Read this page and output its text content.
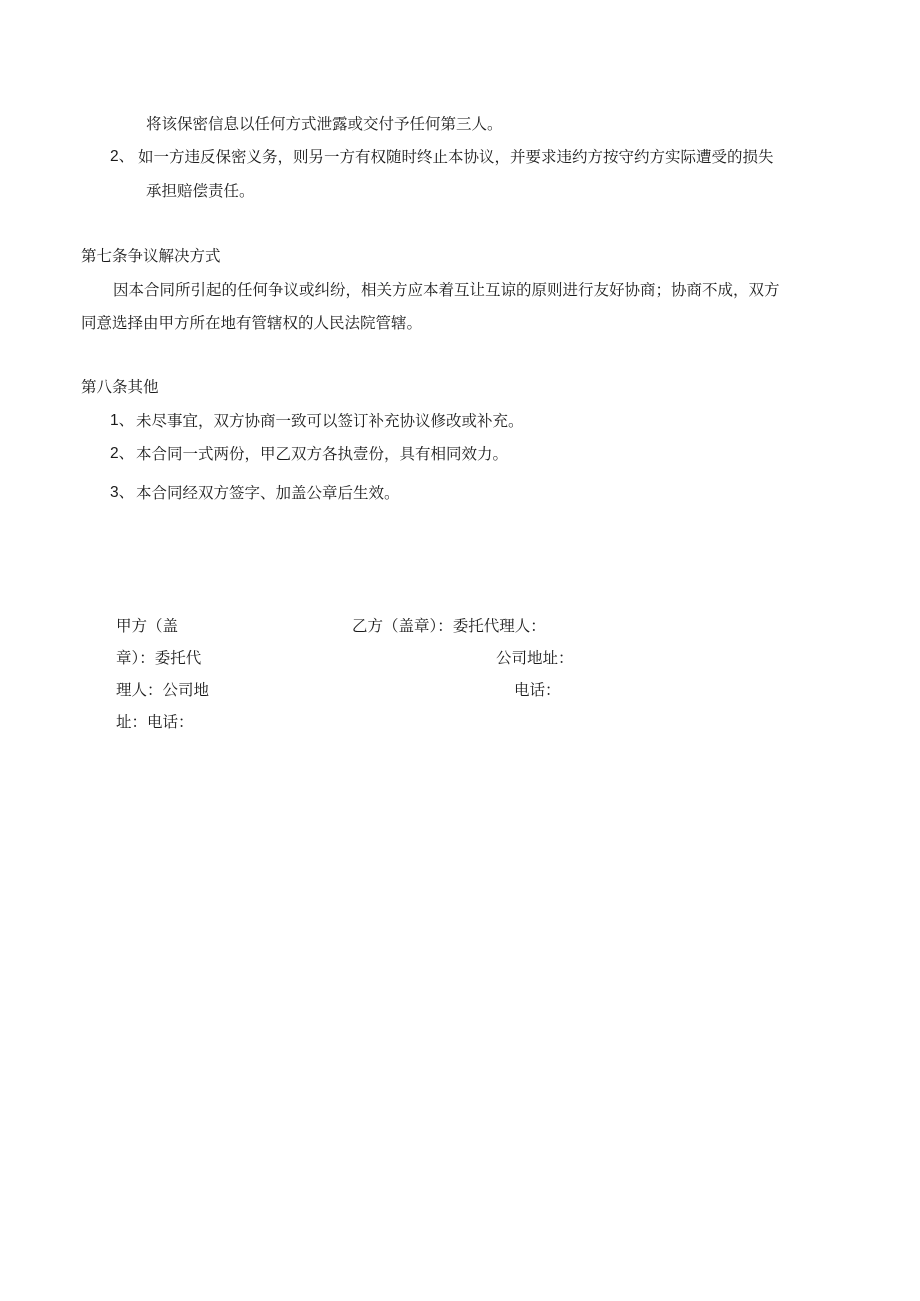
将该保密信息以任何方式泄露或交付予任何第三人。
2、 如一方违反保密义务，则另一方有权随时终止本协议，并要求违约方按守约方实际遭受的损失
承担赔偿责任。
第七条争议解决方式
因本合同所引起的任何争议或纠纷，相关方应本着互让互谅的原则进行友好协商；协商不成，双方
同意选择由甲方所在地有管辖权的人民法院管辖。
第八条其他
1、 未尽事宜，双方协商一致可以签订补充协议修改或补充。
2、 本合同一式两份，甲乙双方各执壹份，具有相同效力。
3、 本合同经双方签字、加盖公章后生效。
甲方（盖
章）：委托代
理人：公司地
址：电话：
乙方（盖章）：委托代理人：
公司地址：
电话：
